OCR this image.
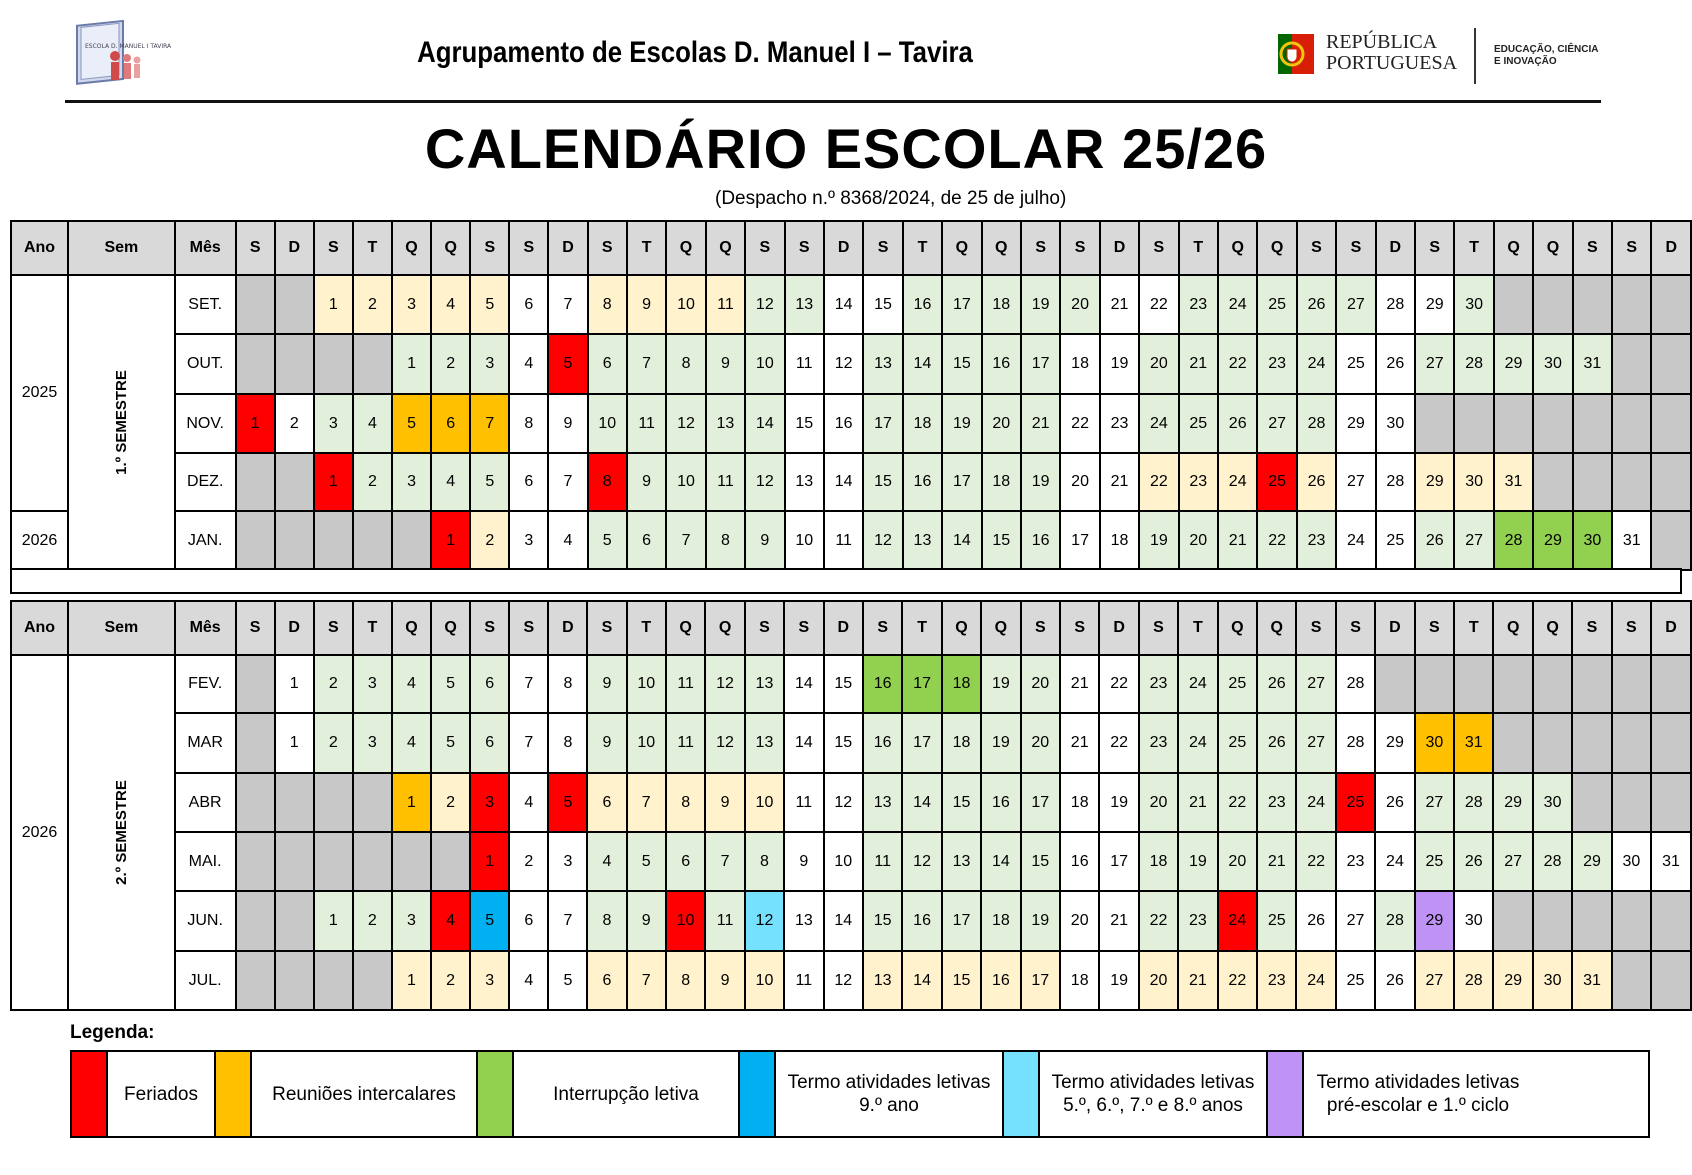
ESCOLA D. MANUEL I TAVIRA	Agrupamento de Escolas D. Manuel I – Tavira	REPÚBLICA
PORTUGUESA
EDUCAÇÃO, CIÊNCIA
E INOVAÇÃO
CALENDÁRIO ESCOLAR 25/26
(Despacho n.º 8368/2024, de 25 de julho)
Ano	Sem	Mês	S	D	S	T	Q	Q	S	S	D	S	T	Q	Q	S	S	D	S	T	Q	Q	S	S	D	S	T	Q	Q	S	S	D	S	T	Q	Q	S	S	D
2025	1.º SEMESTRE	SET.			1	2	3	4	5	6	7	8	9	10	11	12	13	14	15	16	17	18	19	20	21	22	23	24	25	26	27	28	29	30					
		OUT.					1	2	3	4	5	6	7	8	9	10	11	12	13	14	15	16	17	18	19	20	21	22	23	24	25	26	27	28	29	30	31		
		NOV.	1	2	3	4	5	6	7	8	9	10	11	12	13	14	15	16	17	18	19	20	21	22	23	24	25	26	27	28	29	30							
		DEZ.			1	2	3	4	5	6	7	8	9	10	11	12	13	14	15	16	17	18	19	20	21	22	23	24	25	26	27	28	29	30	31				
2026		JAN.						1	2	3	4	5	6	7	8	9	10	11	12	13	14	15	16	17	18	19	20	21	22	23	24	25	26	27	28	29	30	31	
Ano	Sem	Mês	S	D	S	T	Q	Q	S	S	D	S	T	Q	Q	S	S	D	S	T	Q	Q	S	S	D	S	T	Q	Q	S	S	D	S	T	Q	Q	S	S	D
2026	2.º SEMESTRE	FEV.		1	2	3	4	5	6	7	8	9	10	11	12	13	14	15	16	17	18	19	20	21	22	23	24	25	26	27	28								
		MAR		1	2	3	4	5	6	7	8	9	10	11	12	13	14	15	16	17	18	19	20	21	22	23	24	25	26	27	28	29	30	31					
		ABR					1	2	3	4	5	6	7	8	9	10	11	12	13	14	15	16	17	18	19	20	21	22	23	24	25	26	27	28	29	30			
		MAI.							1	2	3	4	5	6	7	8	9	10	11	12	13	14	15	16	17	18	19	20	21	22	23	24	25	26	27	28	29	30	31
		JUN.			1	2	3	4	5	6	7	8	9	10	11	12	13	14	15	16	17	18	19	20	21	22	23	24	25	26	27	28	29	30					
		JUL.					1	2	3	4	5	6	7	8	9	10	11	12	13	14	15	16	17	18	19	20	21	22	23	24	25	26	27	28	29	30	31		
Legenda:
Feriados	Reuniões intercalares	Interrupção letiva
Termo atividades letivas 9.º ano
Termo atividades letivas 5.º, 6.º, 7.º e 8.º anos
Termo atividades letivas pré-escolar e 1.º ciclo
